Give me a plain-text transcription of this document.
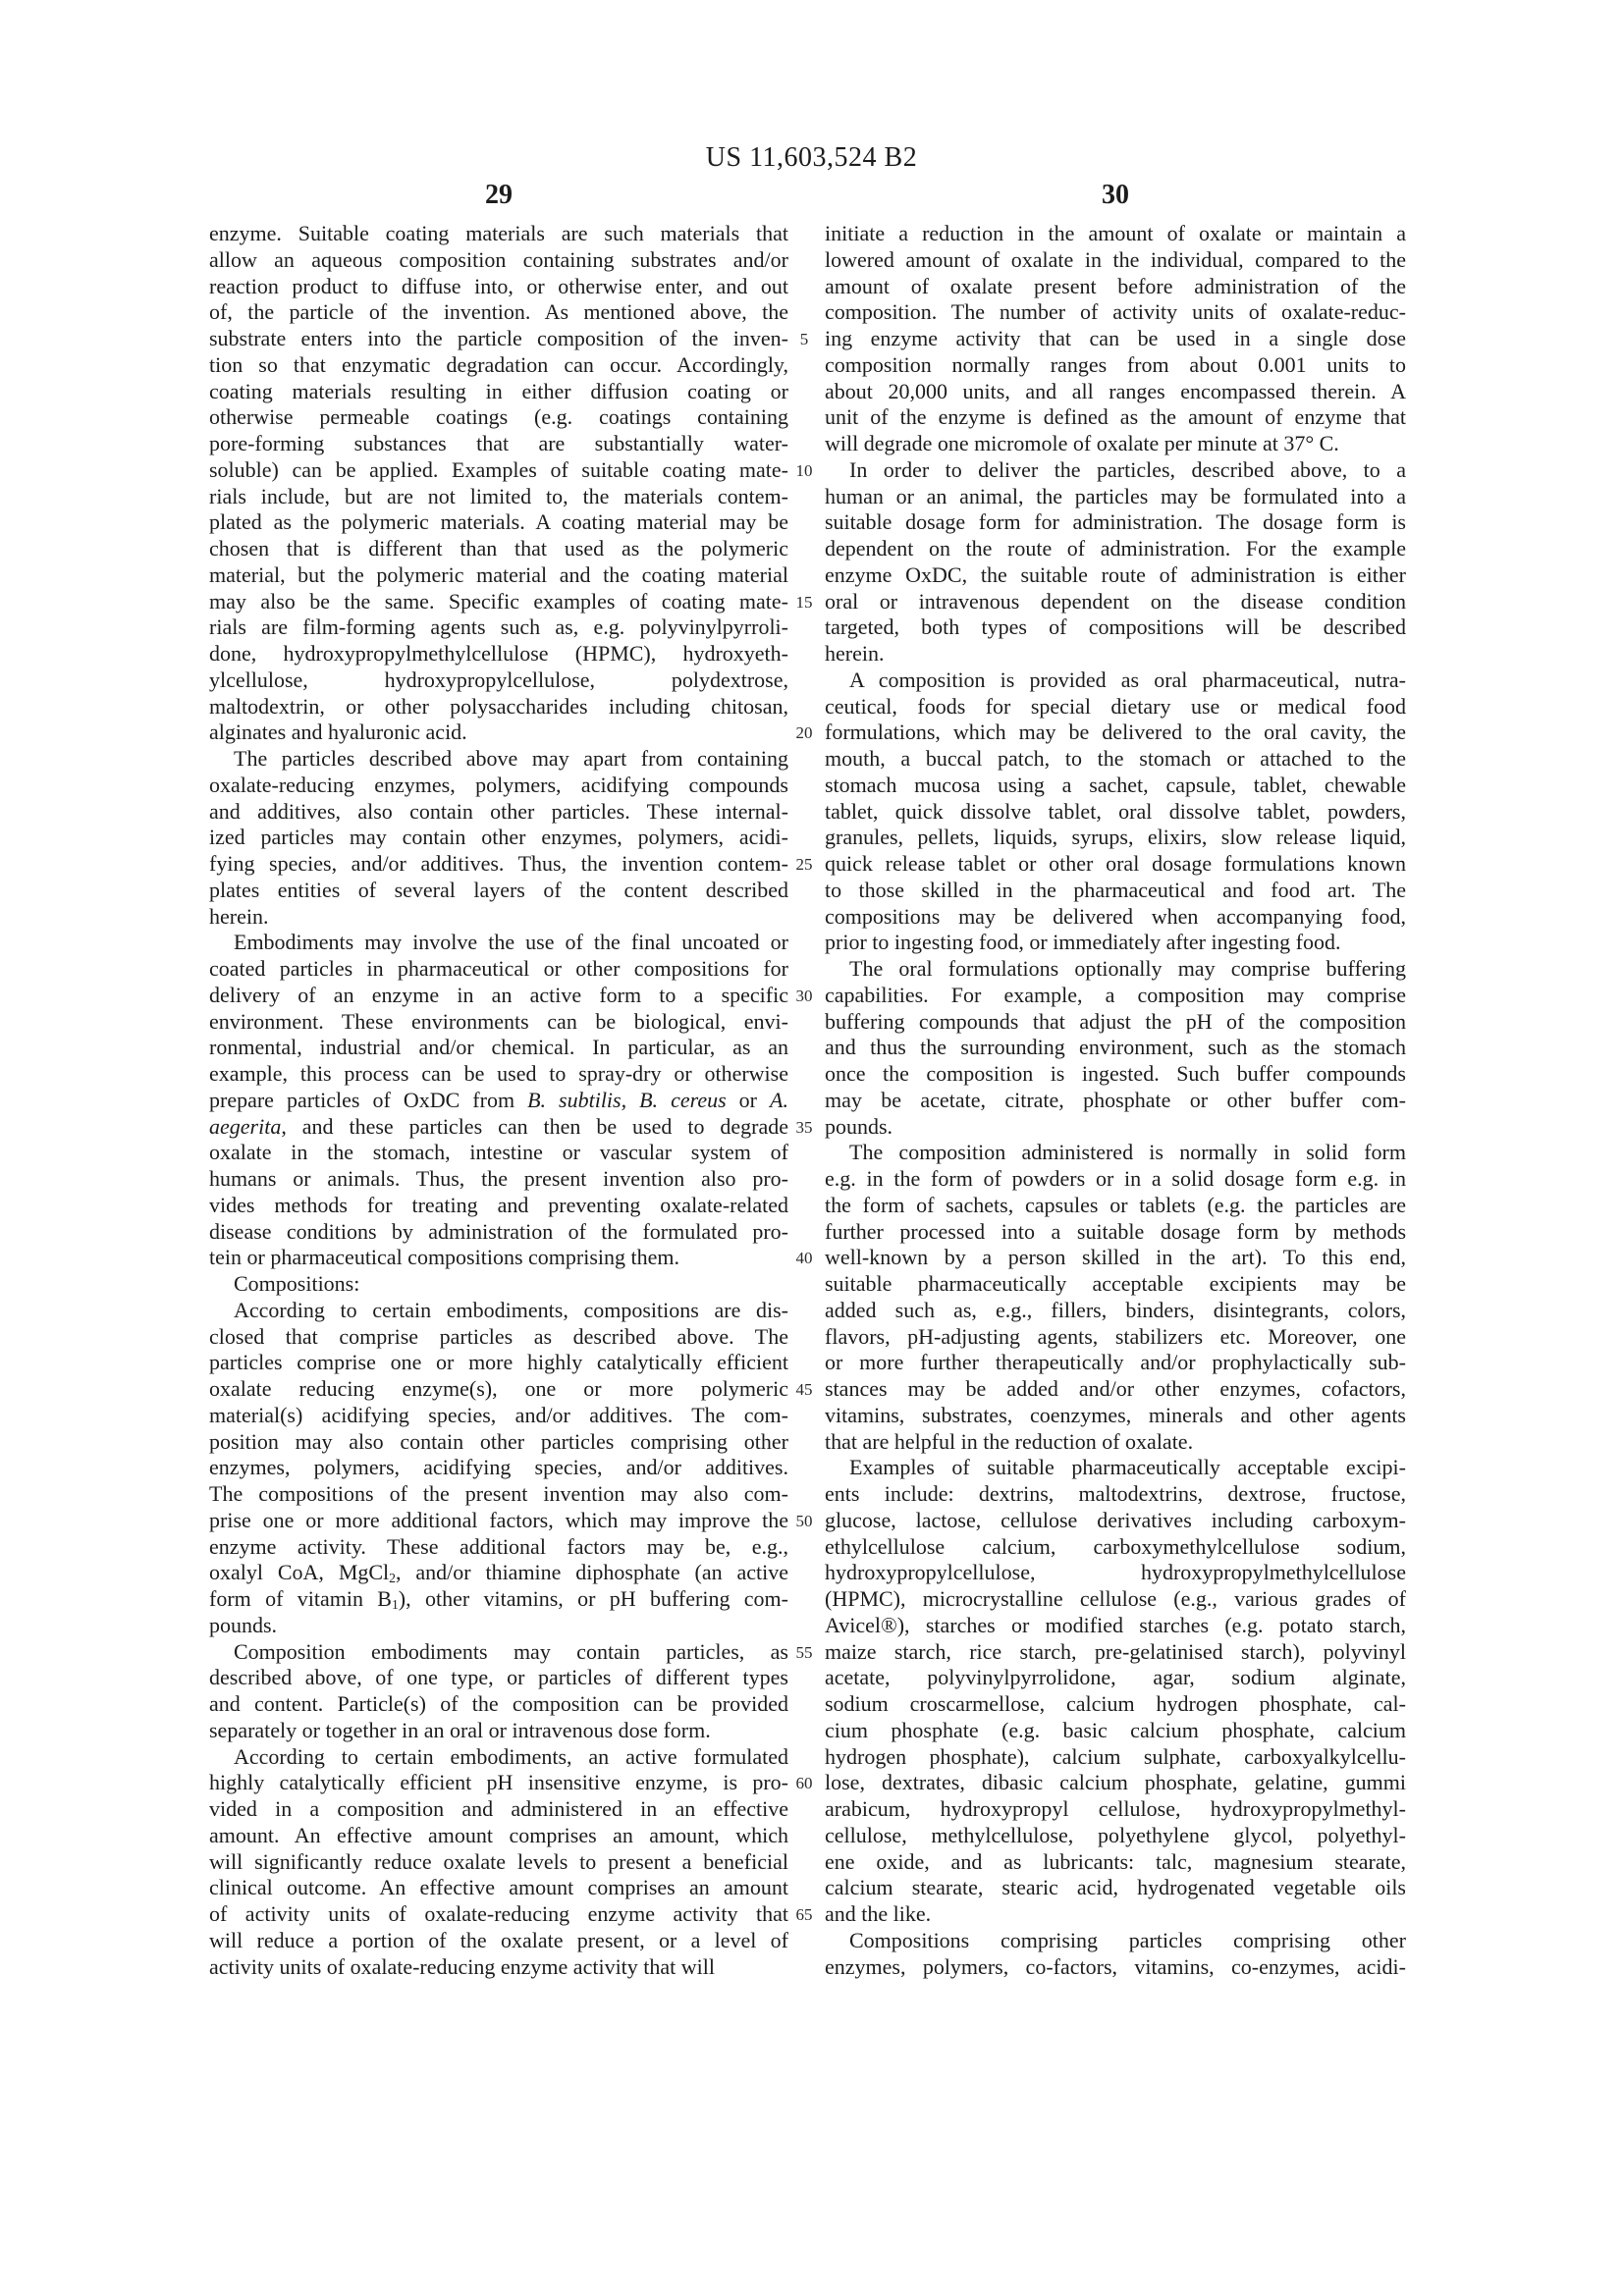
US 11,603,524 B2
29	30
enzyme. Suitable coating materials are such materials that
allow an aqueous composition containing substrates and/or
reaction product to diffuse into, or otherwise enter, and out
of, the particle of the invention. As mentioned above, the
substrate enters into the particle composition of the inven-
tion so that enzymatic degradation can occur. Accordingly,
coating materials resulting in either diffusion coating or
otherwise permeable coatings (e.g. coatings containing
pore-forming substances that are substantially water-
soluble) can be applied. Examples of suitable coating mate-
rials include, but are not limited to, the materials contem-
plated as the polymeric materials. A coating material may be
chosen that is different than that used as the polymeric
material, but the polymeric material and the coating material
may also be the same. Specific examples of coating mate-
rials are film-forming agents such as, e.g. polyvinylpyrroli-
done, hydroxypropylmethylcellulose (HPMC), hydroxyeth-
ylcellulose, hydroxypropylcellulose, polydextrose,
maltodextrin, or other polysaccharides including chitosan,
alginates and hyaluronic acid.
The particles described above may apart from containing
oxalate-reducing enzymes, polymers, acidifying compounds
and additives, also contain other particles. These internal-
ized particles may contain other enzymes, polymers, acidi-
fying species, and/or additives. Thus, the invention contem-
plates entities of several layers of the content described
herein.
Embodiments may involve the use of the final uncoated or
coated particles in pharmaceutical or other compositions for
delivery of an enzyme in an active form to a specific
environment. These environments can be biological, envi-
ronmental, industrial and/or chemical. In particular, as an
example, this process can be used to spray-dry or otherwise
prepare particles of OxDC from B. subtilis, B. cereus or A.
aegerita, and these particles can then be used to degrade
oxalate in the stomach, intestine or vascular system of
humans or animals. Thus, the present invention also pro-
vides methods for treating and preventing oxalate-related
disease conditions by administration of the formulated pro-
tein or pharmaceutical compositions comprising them.
Compositions:
According to certain embodiments, compositions are dis-
closed that comprise particles as described above. The
particles comprise one or more highly catalytically efficient
oxalate reducing enzyme(s), one or more polymeric
material(s) acidifying species, and/or additives. The com-
position may also contain other particles comprising other
enzymes, polymers, acidifying species, and/or additives.
The compositions of the present invention may also com-
prise one or more additional factors, which may improve the
enzyme activity. These additional factors may be, e.g.,
oxalyl CoA, MgCl$_2$, and/or thiamine diphosphate (an active
form of vitamin $B_1$), other vitamins, or pH buffering com-
pounds.
Composition embodiments may contain particles, as
described above, of one type, or particles of different types
and content. Particle(s) of the composition can be provided
separately or together in an oral or intravenous dose form.
According to certain embodiments, an active formulated
highly catalytically efficient pH insensitive enzyme, is pro-
vided in a composition and administered in an effective
amount. An effective amount comprises an amount, which
will significantly reduce oxalate levels to present a beneficial
clinical outcome. An effective amount comprises an amount
of activity units of oxalate-reducing enzyme activity that
will reduce a portion of the oxalate present, or a level of
activity units of oxalate-reducing enzyme activity that will
5
10
15
20
25
30
35
40
45
50
55
60
65
initiate a reduction in the amount of oxalate or maintain a
lowered amount of oxalate in the individual, compared to the
amount of oxalate present before administration of the
composition. The number of activity units of oxalate-reduc-
ing enzyme activity that can be used in a single dose
composition normally ranges from about 0.001 units to
about 20,000 units, and all ranges encompassed therein. A
unit of the enzyme is defined as the amount of enzyme that
will degrade one micromole of oxalate per minute at 37° C.
In order to deliver the particles, described above, to a
human or an animal, the particles may be formulated into a
suitable dosage form for administration. The dosage form is
dependent on the route of administration. For the example
enzyme OxDC, the suitable route of administration is either
oral or intravenous dependent on the disease condition
targeted, both types of compositions will be described
herein.
A composition is provided as oral pharmaceutical, nutra-
ceutical, foods for special dietary use or medical food
formulations, which may be delivered to the oral cavity, the
mouth, a buccal patch, to the stomach or attached to the
stomach mucosa using a sachet, capsule, tablet, chewable
tablet, quick dissolve tablet, oral dissolve tablet, powders,
granules, pellets, liquids, syrups, elixirs, slow release liquid,
quick release tablet or other oral dosage formulations known
to those skilled in the pharmaceutical and food art. The
compositions may be delivered when accompanying food,
prior to ingesting food, or immediately after ingesting food.
The oral formulations optionally may comprise buffering
capabilities. For example, a composition may comprise
buffering compounds that adjust the pH of the composition
and thus the surrounding environment, such as the stomach
once the composition is ingested. Such buffer compounds
may be acetate, citrate, phosphate or other buffer com-
pounds.
The composition administered is normally in solid form
e.g. in the form of powders or in a solid dosage form e.g. in
the form of sachets, capsules or tablets (e.g. the particles are
further processed into a suitable dosage form by methods
well-known by a person skilled in the art). To this end,
suitable pharmaceutically acceptable excipients may be
added such as, e.g., fillers, binders, disintegrants, colors,
flavors, pH-adjusting agents, stabilizers etc. Moreover, one
or more further therapeutically and/or prophylactically sub-
stances may be added and/or other enzymes, cofactors,
vitamins, substrates, coenzymes, minerals and other agents
that are helpful in the reduction of oxalate.
Examples of suitable pharmaceutically acceptable excipi-
ents include: dextrins, maltodextrins, dextrose, fructose,
glucose, lactose, cellulose derivatives including carboxym-
ethylcellulose calcium, carboxymethylcellulose sodium,
hydroxypropylcellulose, hydroxypropylmethylcellulose
(HPMC), microcrystalline cellulose (e.g., various grades of
Avicel®), starches or modified starches (e.g. potato starch,
maize starch, rice starch, pre-gelatinised starch), polyvinyl
acetate, polyvinylpyrrolidone, agar, sodium alginate,
sodium croscarmellose, calcium hydrogen phosphate, cal-
cium phosphate (e.g. basic calcium phosphate, calcium
hydrogen phosphate), calcium sulphate, carboxyalkylcellu-
lose, dextrates, dibasic calcium phosphate, gelatine, gummi
arabicum, hydroxypropyl cellulose, hydroxypropylmethyl-
cellulose, methylcellulose, polyethylene glycol, polyethyl-
ene oxide, and as lubricants: talc, magnesium stearate,
calcium stearate, stearic acid, hydrogenated vegetable oils
and the like.
Compositions comprising particles comprising other
enzymes, polymers, co-factors, vitamins, co-enzymes, acidi-
